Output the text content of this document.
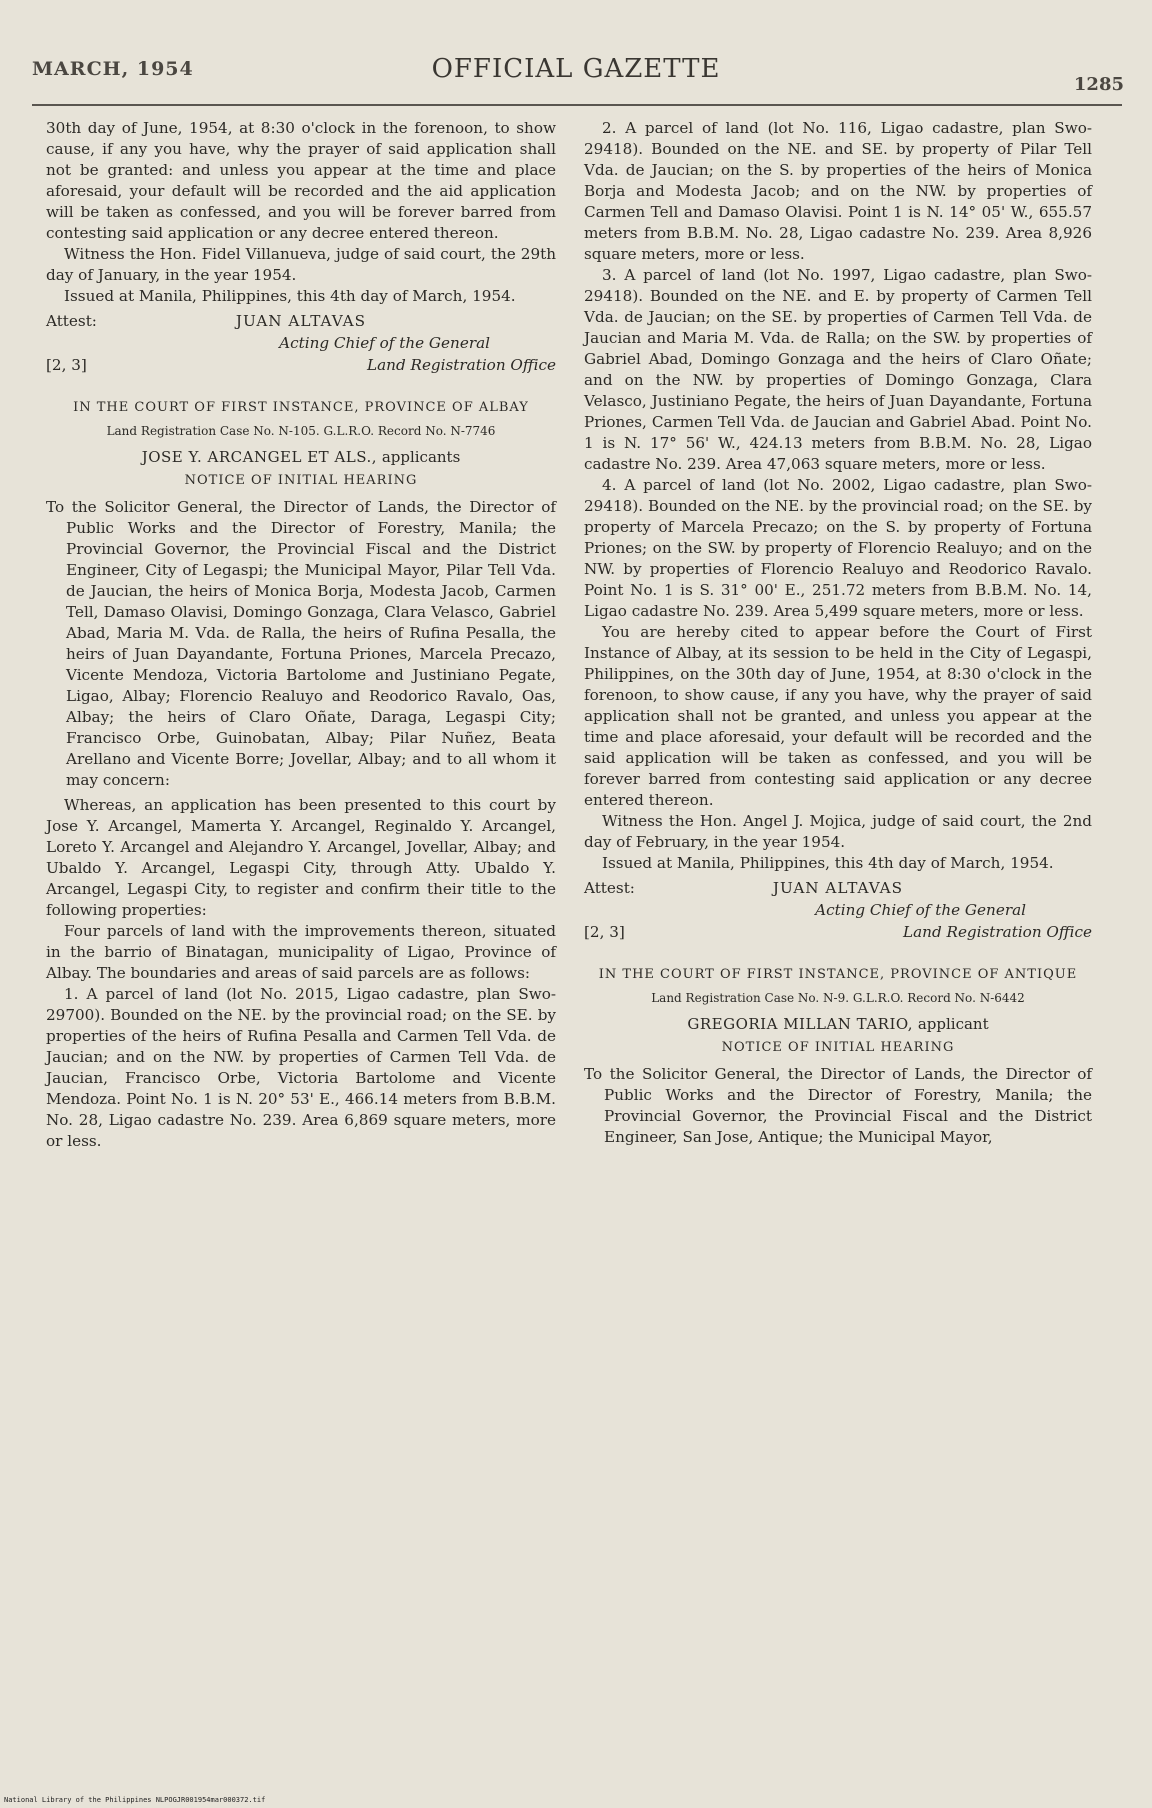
MARCH, 1954	OFFICIAL GAZETTE
1285

30th day of June, 1954, at 8:30 o'clock in the forenoon, to show cause, if any you have, why the prayer of said application shall not be granted: and unless you appear at the time and place aforesaid, your default will be recorded and the aid application will be taken as confessed, and you will be forever barred from contesting said application or any decree entered thereon.

Witness the Hon. Fidel Villanueva, judge of said court, the 29th day of January, in the year 1954.

Issued at Manila, Philippines, this 4th day of March, 1954.

Attest:	JUAN ALTAVAS
Acting Chief of the General
[2, 3]	Land Registration Office
IN THE COURT OF FIRST INSTANCE, PROVINCE OF ALBAY
Land Registration Case No. N-105. G.L.R.O. Record No. N-7746
JOSE Y. ARCANGEL ET ALS., applicants
NOTICE OF INITIAL HEARING

To the Solicitor General, the Director of Lands, the Director of Public Works and the Director of Forestry, Manila; the Provincial Governor, the Provincial Fiscal and the District Engineer, City of Legaspi; the Municipal Mayor, Pilar Tell Vda. de Jaucian, the heirs of Monica Borja, Modesta Jacob, Carmen Tell, Damaso Olavisi, Domingo Gonzaga, Clara Velasco, Gabriel Abad, Maria M. Vda. de Ralla, the heirs of Rufina Pesalla, the heirs of Juan Dayandante, Fortuna Priones, Marcela Precazo, Vicente Mendoza, Victoria Bartolome and Justiniano Pegate, Ligao, Albay; Florencio Realuyo and Reodorico Ravalo, Oas, Albay; the heirs of Claro Oñate, Daraga, Legaspi City; Francisco Orbe, Guinobatan, Albay; Pilar Nuñez, Beata Arellano and Vicente Borre; Jovellar, Albay; and to all whom it may concern:

Whereas, an application has been presented to this court by Jose Y. Arcangel, Mamerta Y. Arcangel, Reginaldo Y. Arcangel, Loreto Y. Arcangel and Alejandro Y. Arcangel, Jovellar, Albay; and Ubaldo Y. Arcangel, Legaspi City, through Atty. Ubaldo Y. Arcangel, Legaspi City, to register and confirm their title to the following properties:

Four parcels of land with the improvements thereon, situated in the barrio of Binatagan, municipality of Ligao, Province of Albay. The boundaries and areas of said parcels are as follows:

1. A parcel of land (lot No. 2015, Ligao cadastre, plan Swo-29700). Bounded on the NE. by the provincial road; on the SE. by properties of the heirs of Rufina Pesalla and Carmen Tell Vda. de Jaucian; and on the NW. by properties of Carmen Tell Vda. de Jaucian, Francisco Orbe, Victoria Bartolome and Vicente Mendoza. Point No. 1 is N. 20° 53' E., 466.14 meters from B.B.M. No. 28, Ligao cadastre No. 239. Area 6,869 square meters, more or less.

2. A parcel of land (lot No. 116, Ligao cadastre, plan Swo-29418). Bounded on the NE. and SE. by property of Pilar Tell Vda. de Jaucian; on the S. by properties of the heirs of Monica Borja and Modesta Jacob; and on the NW. by properties of Carmen Tell and Damaso Olavisi. Point 1 is N. 14° 05' W., 655.57 meters from B.B.M. No. 28, Ligao cadastre No. 239. Area 8,926 square meters, more or less.

3. A parcel of land (lot No. 1997, Ligao cadastre, plan Swo-29418). Bounded on the NE. and E. by property of Carmen Tell Vda. de Jaucian; on the SE. by properties of Carmen Tell Vda. de Jaucian and Maria M. Vda. de Ralla; on the SW. by properties of Gabriel Abad, Domingo Gonzaga and the heirs of Claro Oñate; and on the NW. by properties of Domingo Gonzaga, Clara Velasco, Justiniano Pegate, the heirs of Juan Dayandante, Fortuna Priones, Carmen Tell Vda. de Jaucian and Gabriel Abad. Point No. 1 is N. 17° 56' W., 424.13 meters from B.B.M. No. 28, Ligao cadastre No. 239. Area 47,063 square meters, more or less.

4. A parcel of land (lot No. 2002, Ligao cadastre, plan Swo-29418). Bounded on the NE. by the provincial road; on the SE. by property of Marcela Precazo; on the S. by property of Fortuna Priones; on the SW. by property of Florencio Realuyo; and on the NW. by properties of Florencio Realuyo and Reodorico Ravalo. Point No. 1 is S. 31° 00' E., 251.72 meters from B.B.M. No. 14, Ligao cadastre No. 239. Area 5,499 square meters, more or less.

You are hereby cited to appear before the Court of First Instance of Albay, at its session to be held in the City of Legaspi, Philippines, on the 30th day of June, 1954, at 8:30 o'clock in the forenoon, to show cause, if any you have, why the prayer of said application shall not be granted, and unless you appear at the time and place aforesaid, your default will be recorded and the said application will be taken as confessed, and you will be forever barred from contesting said application or any decree entered thereon.

Witness the Hon. Angel J. Mojica, judge of said court, the 2nd day of February, in the year 1954.

Issued at Manila, Philippines, this 4th day of March, 1954.

Attest:	JUAN ALTAVAS
Acting Chief of the General
[2, 3]	Land Registration Office
IN THE COURT OF FIRST INSTANCE, PROVINCE OF ANTIQUE
Land Registration Case No. N-9. G.L.R.O. Record No. N-6442
GREGORIA MILLAN TARIO, applicant
NOTICE OF INITIAL HEARING

To the Solicitor General, the Director of Lands, the Director of Public Works and the Director of Forestry, Manila; the Provincial Governor, the Provincial Fiscal and the District Engineer, San Jose, Antique; the Municipal Mayor,

National Library of the Philippines NLPOGJR001954mar000372.tif
